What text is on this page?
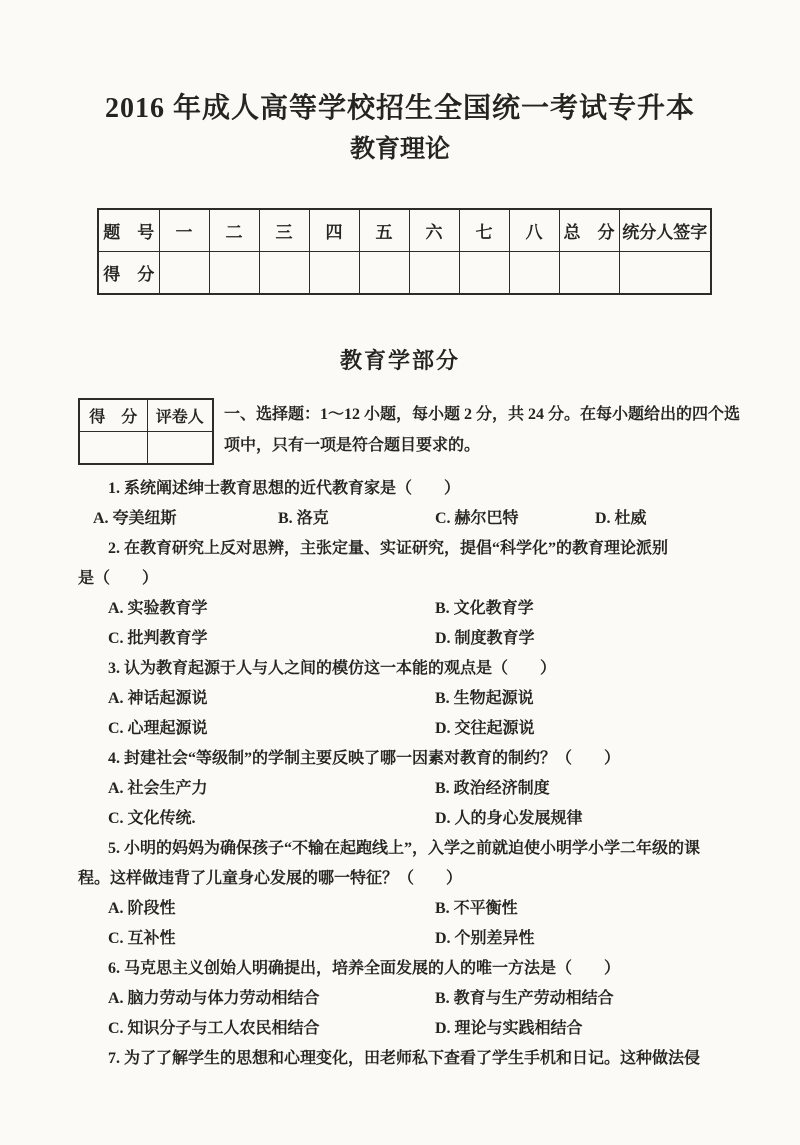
2016 年成人高等学校招生全国统一考试专升本
教育理论
题　号	一	二	三	四	五	六	七	八	总　分	统分人签字
得　分										
教育学部分
得　分	评卷人
	一、选择题：1～12 小题，每小题 2 分，共 24 分。在每小题给出的四个选
项中，只有一项是符合题目要求的。
1. 系统阐述绅士教育思想的近代教育家是（　　）
A. 夸美纽斯	B. 洛克	C. 赫尔巴特	D. 杜威
2. 在教育研究上反对思辨，主张定量、实证研究，提倡“科学化”的教育理论派别
是（　　）
A. 实验教育学	B. 文化教育学
C. 批判教育学	D. 制度教育学
3. 认为教育起源于人与人之间的模仿这一本能的观点是（　　）
A. 神话起源说	B. 生物起源说
C. 心理起源说	D. 交往起源说
4. 封建社会“等级制”的学制主要反映了哪一因素对教育的制约？（　　）
A. 社会生产力	B. 政治经济制度
C. 文化传统.	D. 人的身心发展规律
5. 小明的妈妈为确保孩子“不输在起跑线上”，入学之前就迫使小明学小学二年级的课
程。这样做违背了儿童身心发展的哪一特征？（　　）
A. 阶段性	B. 不平衡性
C. 互补性	D. 个别差异性
6. 马克思主义创始人明确提出，培养全面发展的人的唯一方法是（　　）
A. 脑力劳动与体力劳动相结合	B. 教育与生产劳动相结合
C. 知识分子与工人农民相结合	D. 理论与实践相结合
7. 为了了解学生的思想和心理变化，田老师私下查看了学生手机和日记。这种做法侵
